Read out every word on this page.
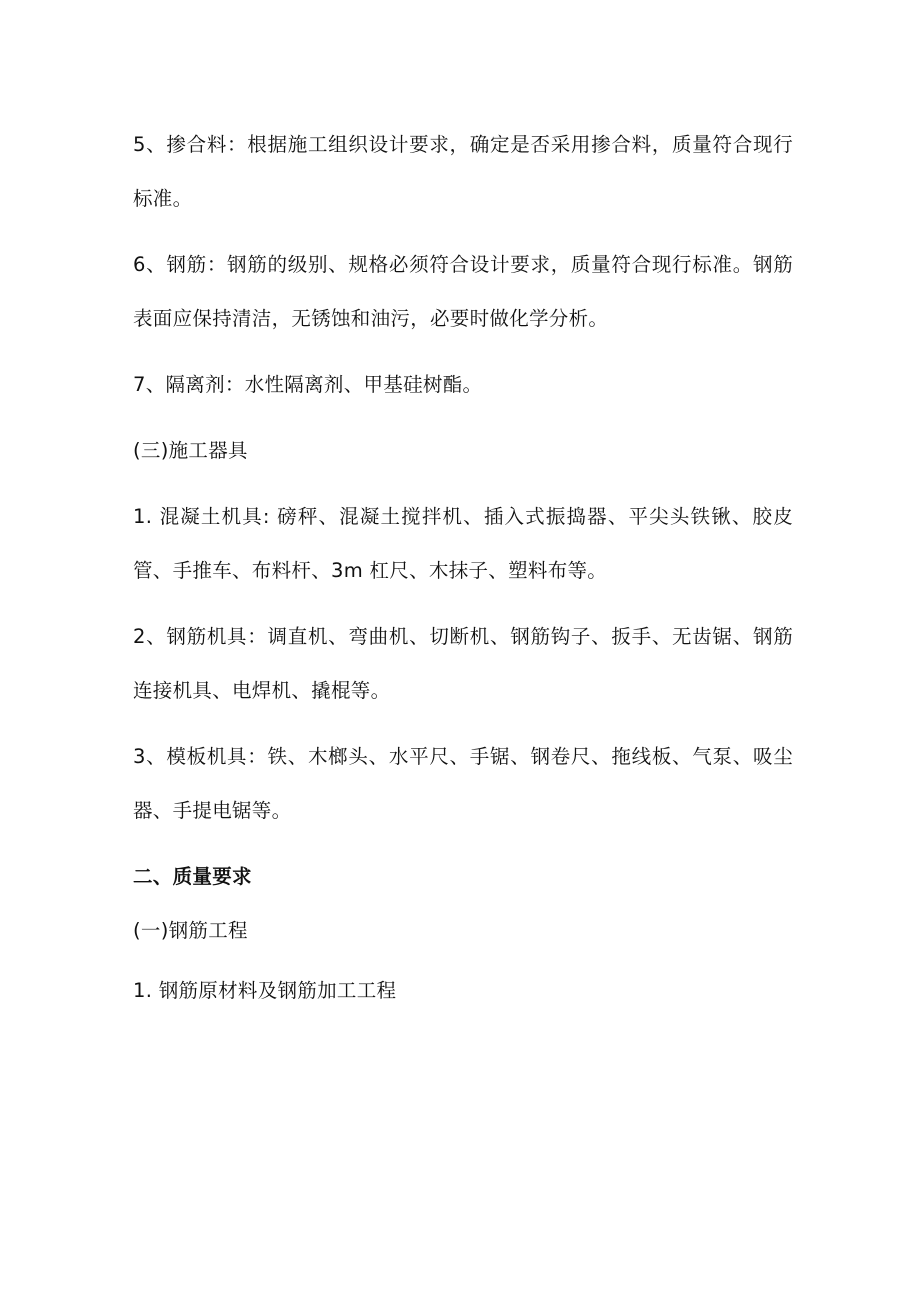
5、掺合料：根据施工组织设计要求，确定是否采用掺合料，质量符合现行标准。

6、钢筋：钢筋的级别、规格必须符合设计要求，质量符合现行标准。钢筋表面应保持清洁，无锈蚀和油污，必要时做化学分析。

7、隔离剂：水性隔离剂、甲基硅树酯。

(三)施工器具

1. 混凝土机具: 磅秤、混凝土搅拌机、插入式振捣器、平尖头铁锹、胶皮管、手推车、布料杆、3m 杠尺、木抹子、塑料布等。

2、钢筋机具：调直机、弯曲机、切断机、钢筋钩子、扳手、无齿锯、钢筋连接机具、电焊机、撬棍等。

3、模板机具：铁、木榔头、水平尺、手锯、钢卷尺、拖线板、气泵、吸尘器、手提电锯等。

二、质量要求

(一)钢筋工程

1. 钢筋原材料及钢筋加工工程
